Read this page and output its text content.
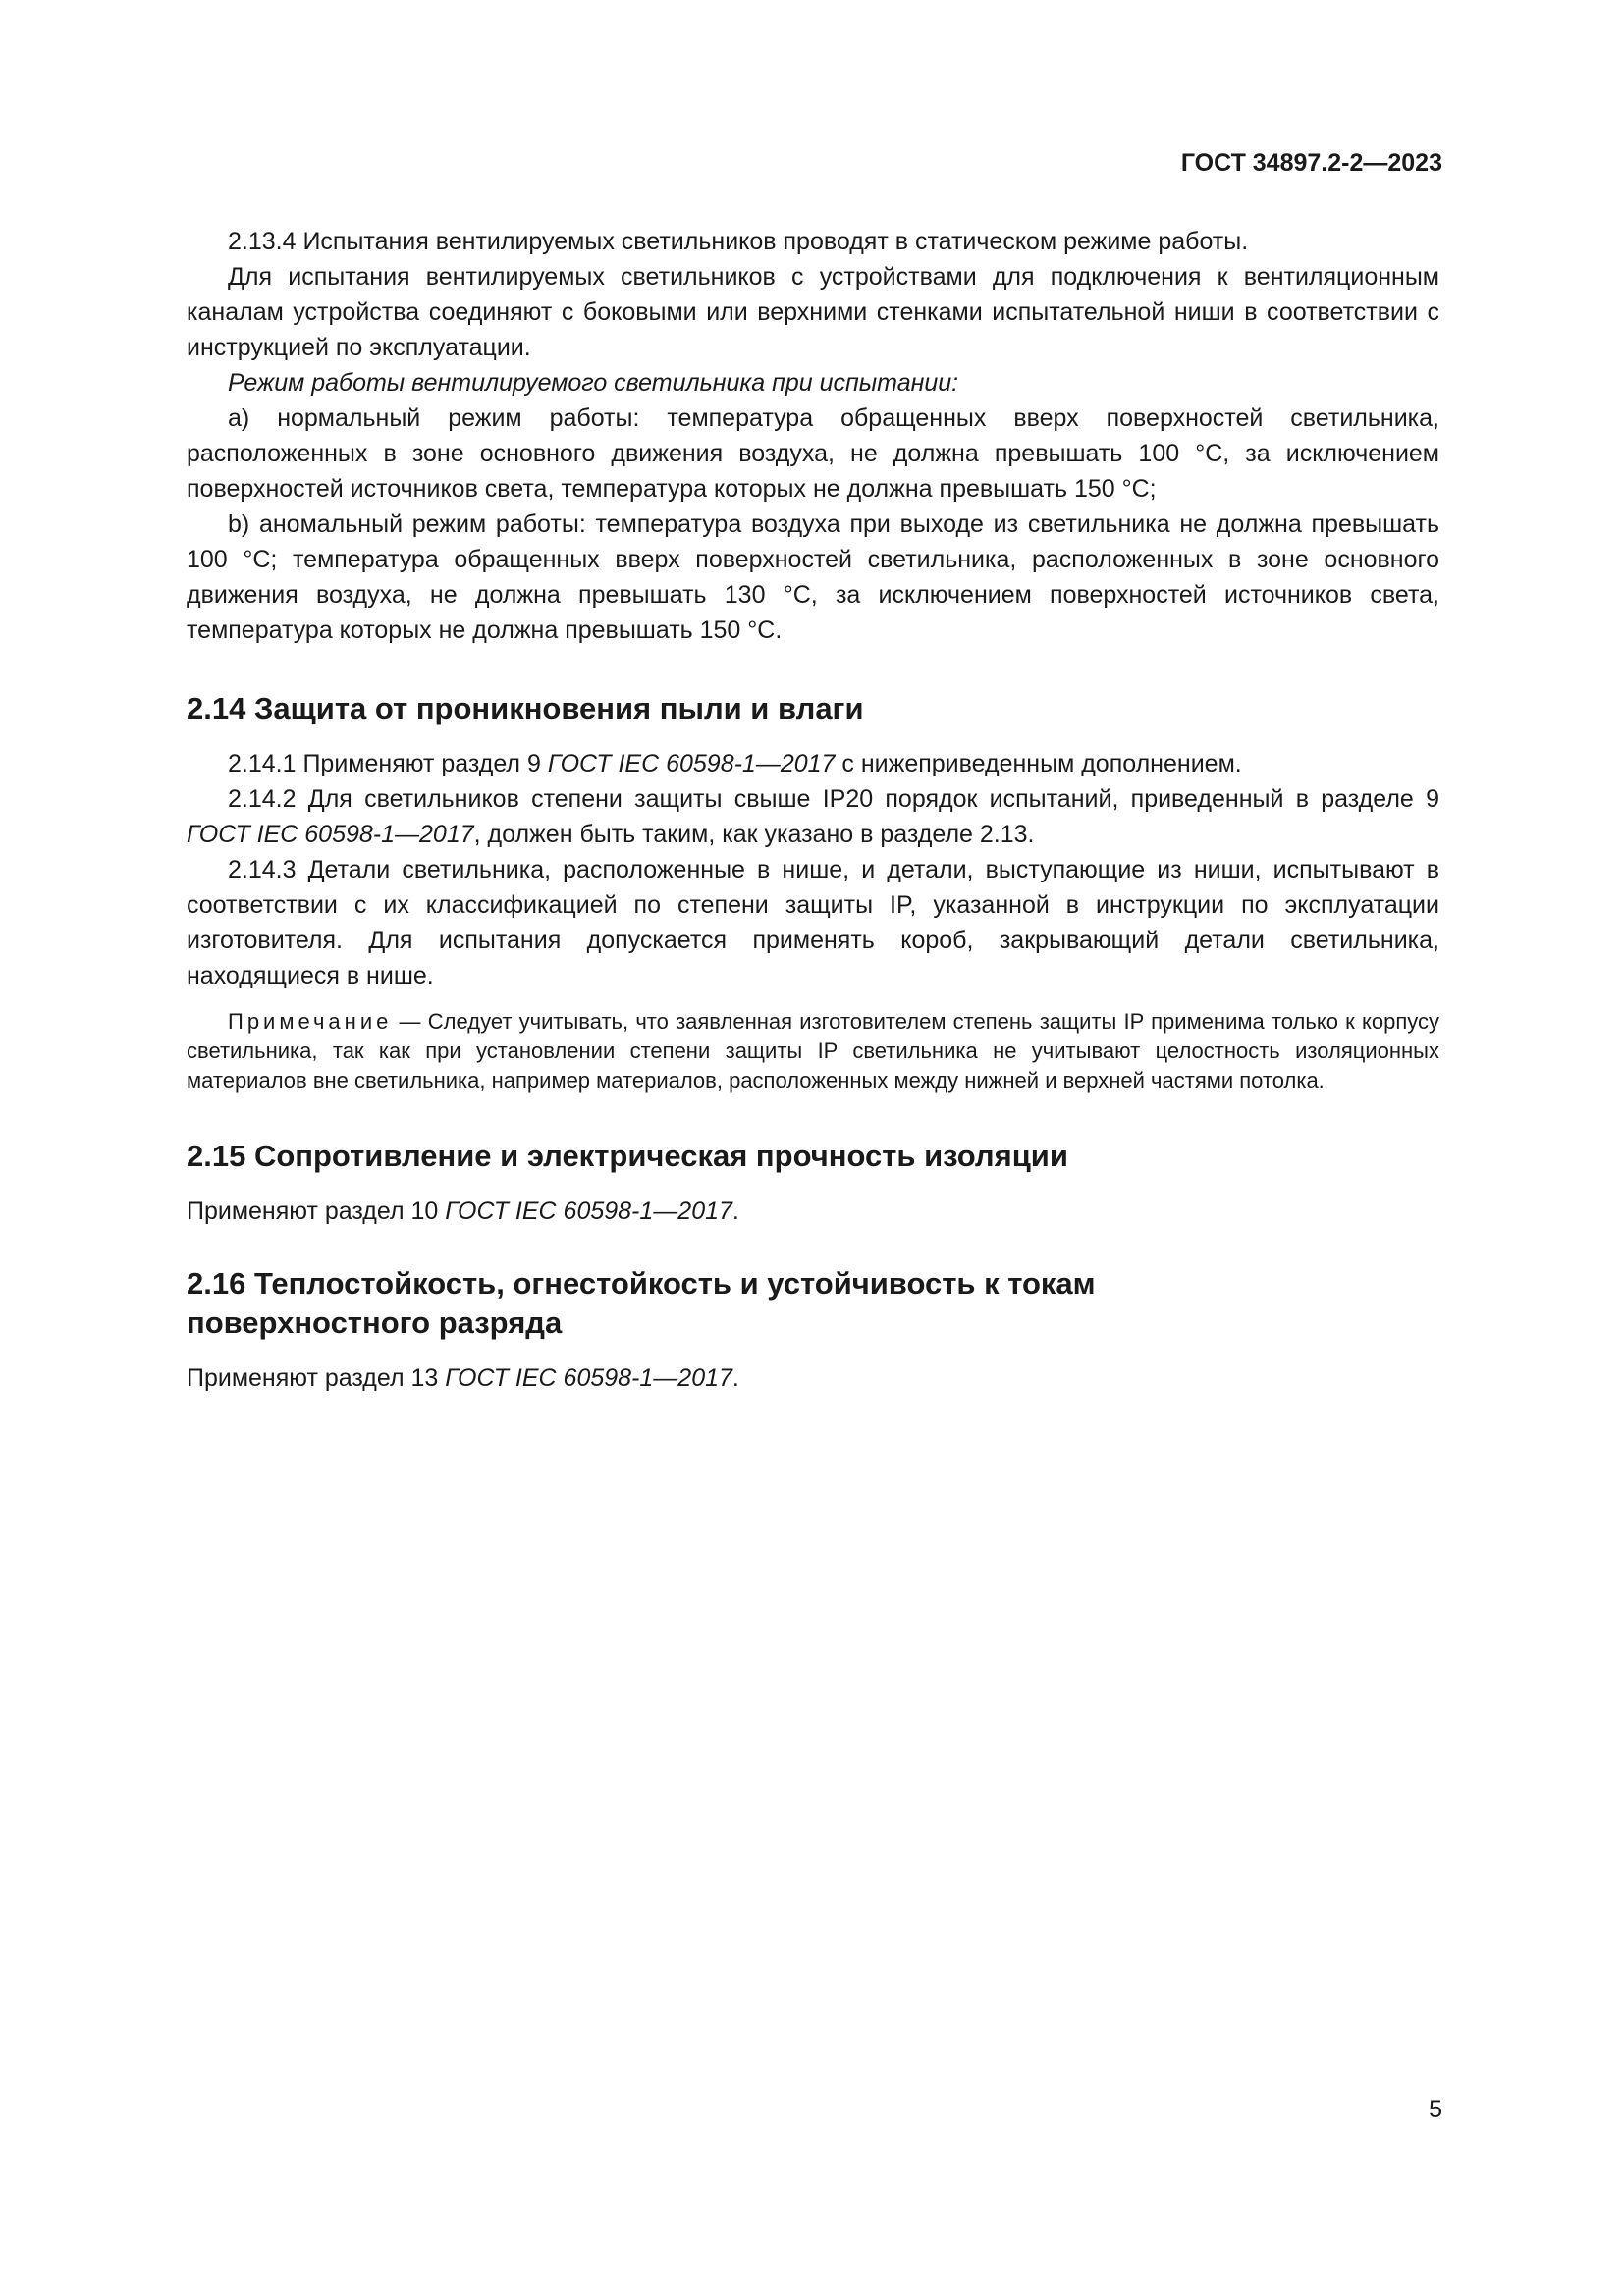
ГОСТ 34897.2-2—2023

2.13.4 Испытания вентилируемых светильников проводят в статическом режиме работы.

Для испытания вентилируемых светильников с устройствами для подключения к вентиляционным каналам устройства соединяют с боковыми или верхними стенками испытательной ниши в соответствии с инструкцией по эксплуатации.

Режим работы вентилируемого светильника при испытании:

a) нормальный режим работы: температура обращенных вверх поверхностей светильника, расположенных в зоне основного движения воздуха, не должна превышать 100 °C, за исключением поверхностей источников света, температура которых не должна превышать 150 °C;

b) аномальный режим работы: температура воздуха при выходе из светильника не должна превышать 100 °C; температура обращенных вверх поверхностей светильника, расположенных в зоне основного движения воздуха, не должна превышать 130 °C, за исключением поверхностей источников света, температура которых не должна превышать 150 °C.

2.14 Защита от проникновения пыли и влаги

2.14.1 Применяют раздел 9 ГОСТ IEC 60598-1—2017 с нижеприведенным дополнением.

2.14.2 Для светильников степени защиты свыше IP20 порядок испытаний, приведенный в разделе 9 ГОСТ IEC 60598-1—2017, должен быть таким, как указано в разделе 2.13.

2.14.3 Детали светильника, расположенные в нише, и детали, выступающие из ниши, испытывают в соответствии с их классификацией по степени защиты IP, указанной в инструкции по эксплуатации изготовителя. Для испытания допускается применять короб, закрывающий детали светильника, находящиеся в нише.

Примечание — Следует учитывать, что заявленная изготовителем степень защиты IP применима только к корпусу светильника, так как при установлении степени защиты IP светильника не учитывают целостность изоляционных материалов вне светильника, например материалов, расположенных между нижней и верхней частями потолка.

2.15 Сопротивление и электрическая прочность изоляции

Применяют раздел 10 ГОСТ IEC 60598-1—2017.

2.16 Теплостойкость, огнестойкость и устойчивость к токам
поверхностного разряда

Применяют раздел 13 ГОСТ IEC 60598-1—2017.

5
